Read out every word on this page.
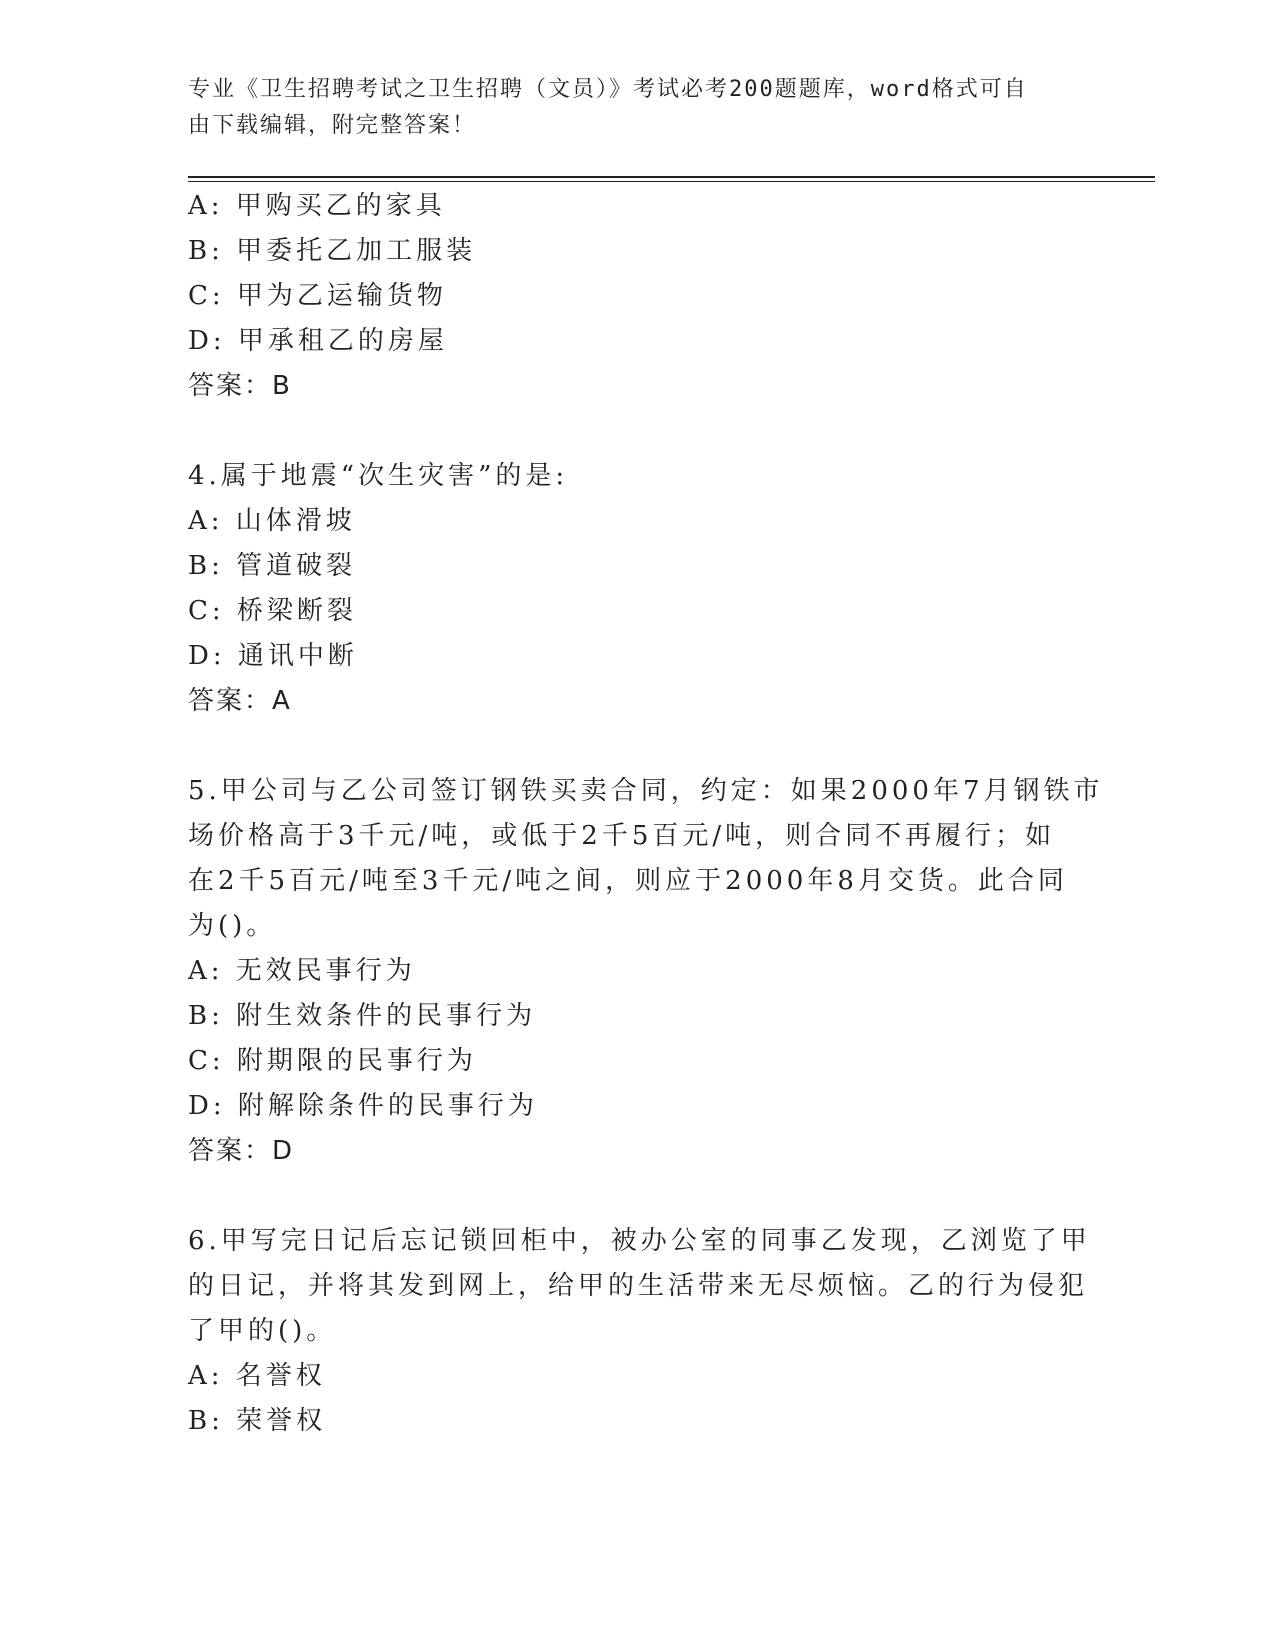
专业《卫生招聘考试之卫生招聘（文员）》考试必考200题题库，word格式可自
由下载编辑，附完整答案！
A: 甲购买乙的家具
B: 甲委托乙加工服装
C: 甲为乙运输货物
D: 甲承租乙的房屋
答案：B
4.属于地震“次生灾害”的是:
A: 山体滑坡
B: 管道破裂
C: 桥梁断裂
D: 通讯中断
答案：A
5.甲公司与乙公司签订钢铁买卖合同，约定：如果2000年7月钢铁市
场价格高于3千元/吨，或低于2千5百元/吨，则合同不再履行；如
在2千5百元/吨至3千元/吨之间，则应于2000年8月交货。此合同
为()。
A: 无效民事行为
B: 附生效条件的民事行为
C: 附期限的民事行为
D: 附解除条件的民事行为
答案：D
6.甲写完日记后忘记锁回柜中，被办公室的同事乙发现，乙浏览了甲
的日记，并将其发到网上，给甲的生活带来无尽烦恼。乙的行为侵犯
了甲的()。
A: 名誉权
B: 荣誉权
